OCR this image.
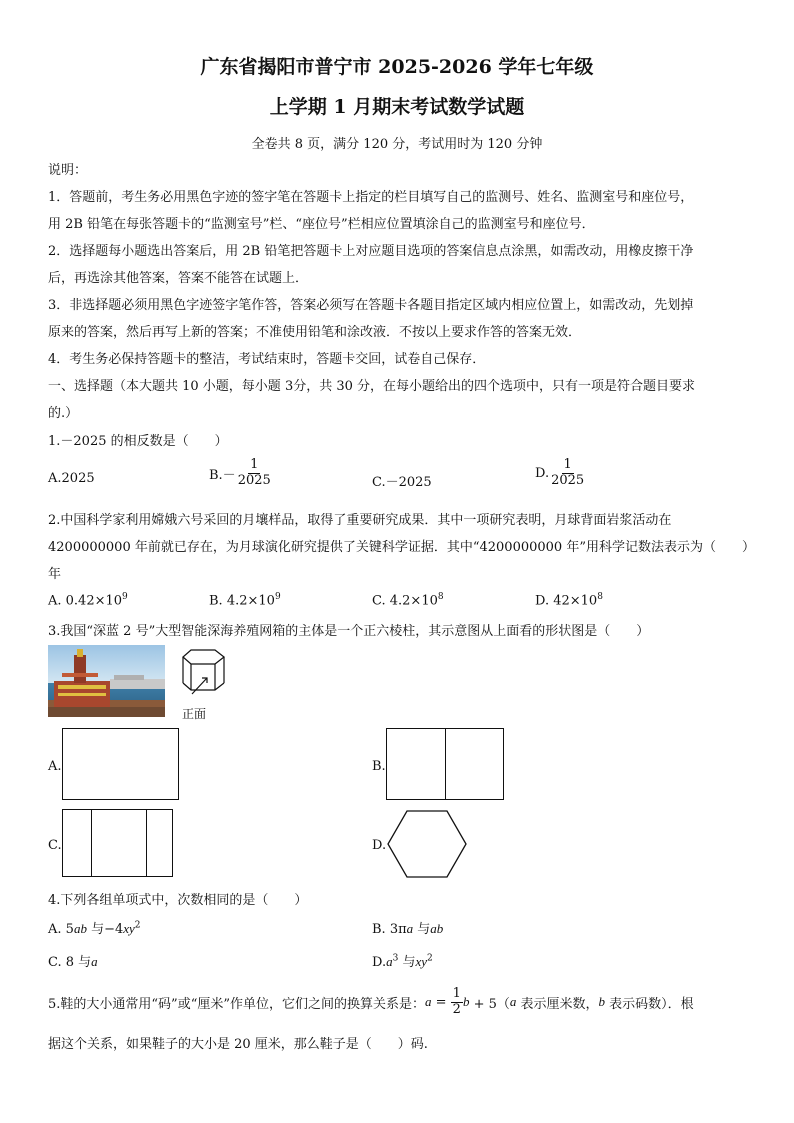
广东省揭阳市普宁市 2025-2026 学年七年级
上学期 1 月期末考试数学试题
全卷共 8 页，满分 120 分，考试用时为 120 分钟
说明：
1．答题前，考生务必用黑色字迹的签字笔在答题卡上指定的栏目填写自己的监测号、姓名、监测室号和座位号，
用 2B 铅笔在每张答题卡的“监测室号”栏、“座位号”栏相应位置填涂自己的监测室号和座位号．
2．选择题每小题选出答案后，用 2B 铅笔把答题卡上对应题目选项的答案信息点涂黑，如需改动，用橡皮擦干净
后，再选涂其他答案，答案不能答在试题上．
3．非选择题必须用黑色字迹签字笔作答，答案必须写在答题卡各题目指定区域内相应位置上，如需改动，先划掉
原来的答案，然后再写上新的答案；不准使用铅笔和涂改液．不按以上要求作答的答案无效．
4．考生务必保持答题卡的整洁，考试结束时，答题卡交回，试卷自己保存．
一、选择题（本大题共 10 小题，每小题 3分，共 30 分，在每小题给出的四个选项中，只有一项是符合题目要求
的.）
1.－2025 的相反数是（　　）
A.2025	$B.- \frac{1}{2025}$	C.－2025
D. $\frac{1}{2025}$
2.中国科学家利用嫦娥六号采回的月壤样品，取得了重要研究成果．其中一项研究表明，月球背面岩浆活动在
4200000000 年前就已存在，为月球演化研究提供了关键科学证据．其中“4200000000 年”用科学记数法表示为（　　）
年
A. $0.42\times 10^9$	B. $4.2\times 10^9$	C. $4.2\times 10^8$	D. $42\times 10^8$
3.我国“深蓝 2 号”大型智能深海养殖网箱的主体是一个正六棱柱，其示意图从上面看的形状图是（　　）
正面
A.	B.
C.	D.
4.下列各组单项式中，次数相同的是（　　）
A. 5ab 与$-4xy^2$	B. 3πa 与ab
C. 8 与a	$D.a^3$ 与$xy^2$
5.鞋的大小通常用“码”或“厘米”作单位，它们之间的换算关系是： $a = \frac{1}{2}$ b + 5（ a 表示厘米数， b 表示码数）．根
据这个关系，如果鞋子的大小是 20 厘米，那么鞋子是（　　）码.
